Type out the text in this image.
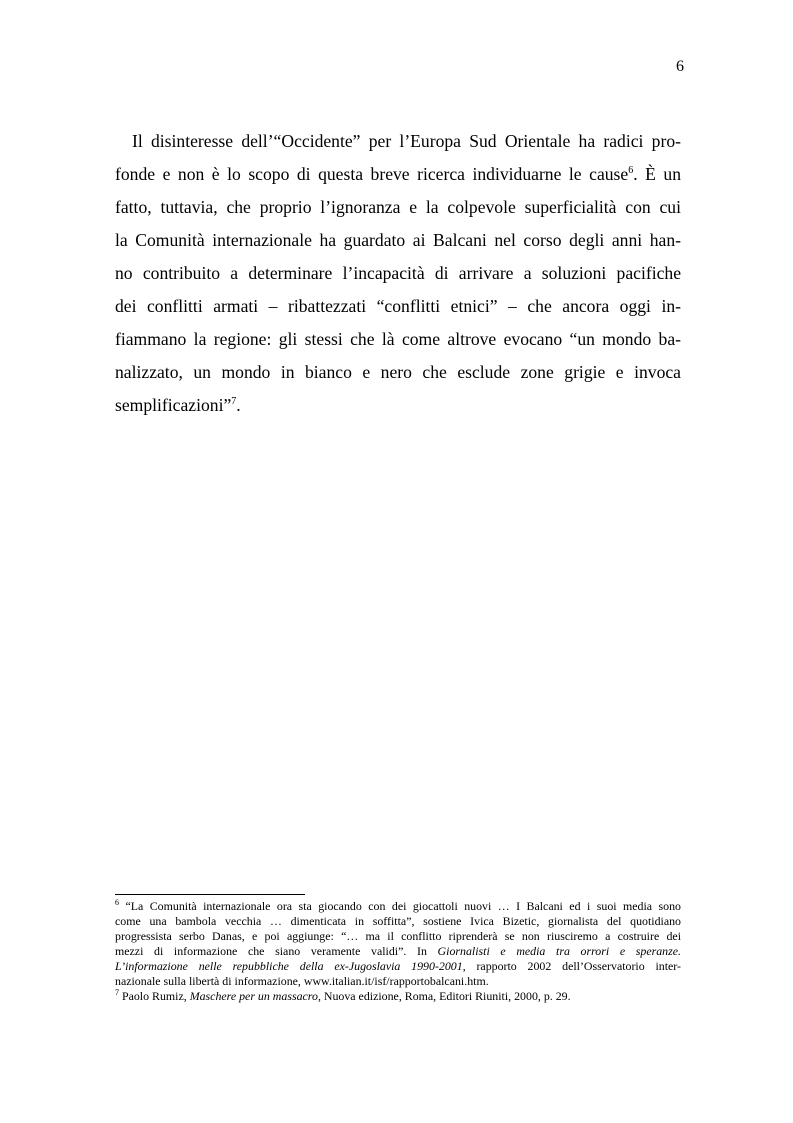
6
Il disinteresse dell’“Occidente” per l’Europa Sud Orientale ha radici pro-
fonde e non è lo scopo di questa breve ricerca individuarne le cause$^6$. È un
fatto, tuttavia, che proprio l’ignoranza e la colpevole superficialità con cui
la Comunità internazionale ha guardato ai Balcani nel corso degli anni han-
no contribuito a determinare l’incapacità di arrivare a soluzioni pacifiche
dei conflitti armati – ribattezzati “conflitti etnici” – che ancora oggi in-
fiammano la regione: gli stessi che là come altrove evocano “un mondo ba-
nalizzato, un mondo in bianco e nero che esclude zone grigie e invoca
semplificazioni”$^7$.
$^6$ “La Comunità internazionale ora sta giocando con dei giocattoli nuovi … I Balcani ed i suoi media sono
come una bambola vecchia … dimenticata in soffitta”, sostiene Ivica Bizetic, giornalista del quotidiano
progressista serbo Danas, e poi aggiunge: “… ma il conflitto riprenderà se non riusciremo a costruire dei
mezzi di informazione che siano veramente validi”. In Giornalisti e media tra orrori e speranze.
L’informazione nelle repubbliche della ex-Jugoslavia 1990-2001, rapporto 2002 dell’Osservatorio inter-
nazionale sulla libertà di informazione, www.italian.it/isf/rapportobalcani.htm.
$^7$ Paolo Rumiz, Maschere per un massacro, Nuova edizione, Roma, Editori Riuniti, 2000, p. 29.
